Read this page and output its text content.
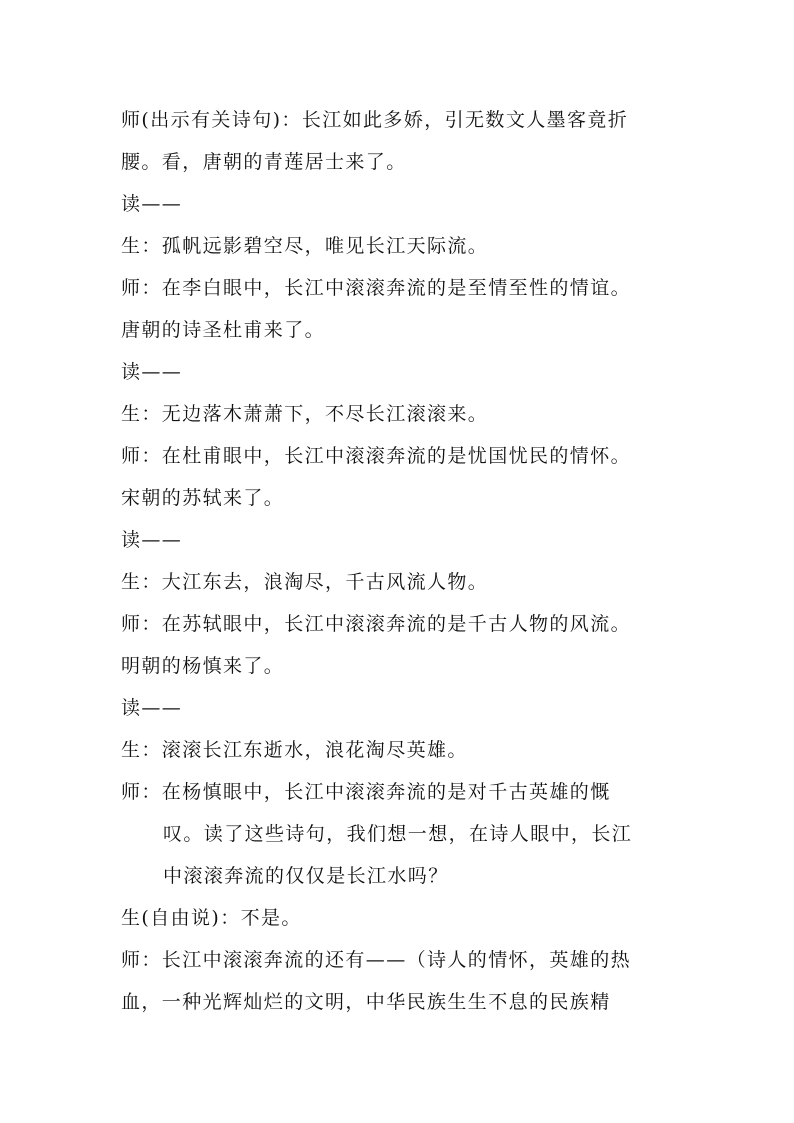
师(出示有关诗句)：长江如此多娇，引无数文人墨客竟折
腰。看，唐朝的青莲居士来了。
读——
生：孤帆远影碧空尽，唯见长江天际流。
师：在李白眼中，长江中滚滚奔流的是至情至性的情谊。
唐朝的诗圣杜甫来了。
读——
生：无边落木萧萧下，不尽长江滚滚来。
师：在杜甫眼中，长江中滚滚奔流的是忧国忧民的情怀。
宋朝的苏轼来了。
读——
生：大江东去，浪淘尽，千古风流人物。
师：在苏轼眼中，长江中滚滚奔流的是千古人物的风流。
明朝的杨慎来了。
读——
生：滚滚长江东逝水，浪花淘尽英雄。
师：在杨慎眼中，长江中滚滚奔流的是对千古英雄的慨
叹。读了这些诗句，我们想一想，在诗人眼中，长江
中滚滚奔流的仅仅是长江水吗？
生(自由说)：不是。
师：长江中滚滚奔流的还有——（诗人的情怀，英雄的热
血，一种光辉灿烂的文明，中华民族生生不息的民族精
